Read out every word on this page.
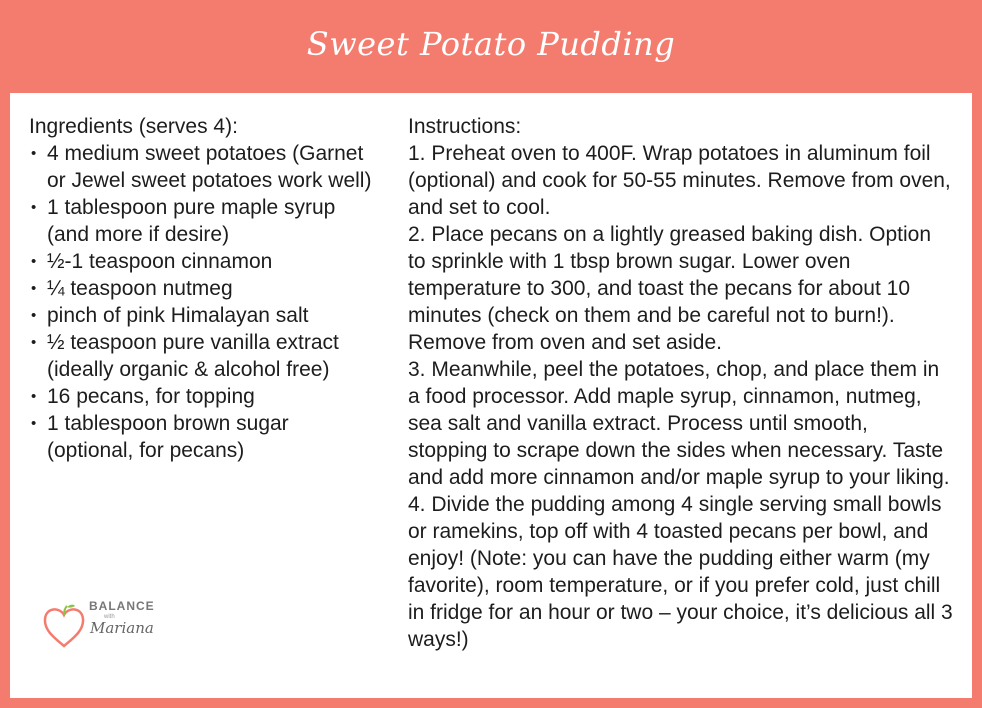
Sweet Potato Pudding

Ingredients (serves 4):

• 4 medium sweet potatoes (Garnet or Jewel sweet potatoes work well)
• 1 tablespoon pure maple syrup (and more if desire)
• ½-1 teaspoon cinnamon
• ¼ teaspoon nutmeg
• pinch of pink Himalayan salt
• ½ teaspoon pure vanilla extract (ideally organic & alcohol free)
• 16 pecans, for topping
• 1 tablespoon brown sugar (optional, for pecans)

Instructions:

1. Preheat oven to 400F. Wrap potatoes in aluminum foil (optional) and cook for 50-55 minutes. Remove from oven, and set to cool.

2. Place pecans on a lightly greased baking dish. Option to sprinkle with 1 tbsp brown sugar. Lower oven temperature to 300, and toast the pecans for about 10 minutes (check on them and be careful not to burn!). Remove from oven and set aside.

3. Meanwhile, peel the potatoes, chop, and place them in a food processor. Add maple syrup, cinnamon, nutmeg, sea salt and vanilla extract. Process until smooth, stopping to scrape down the sides when necessary. Taste and add more cinnamon and/or maple syrup to your liking.

4. Divide the pudding among 4 single serving small bowls or ramekins, top off with 4 toasted pecans per bowl, and enjoy! (Note: you can have the pudding either warm (my favorite), room temperature, or if you prefer cold, just chill in fridge for an hour or two – your choice, it’s delicious all 3 ways!)

BALANCE
with
Mariana
